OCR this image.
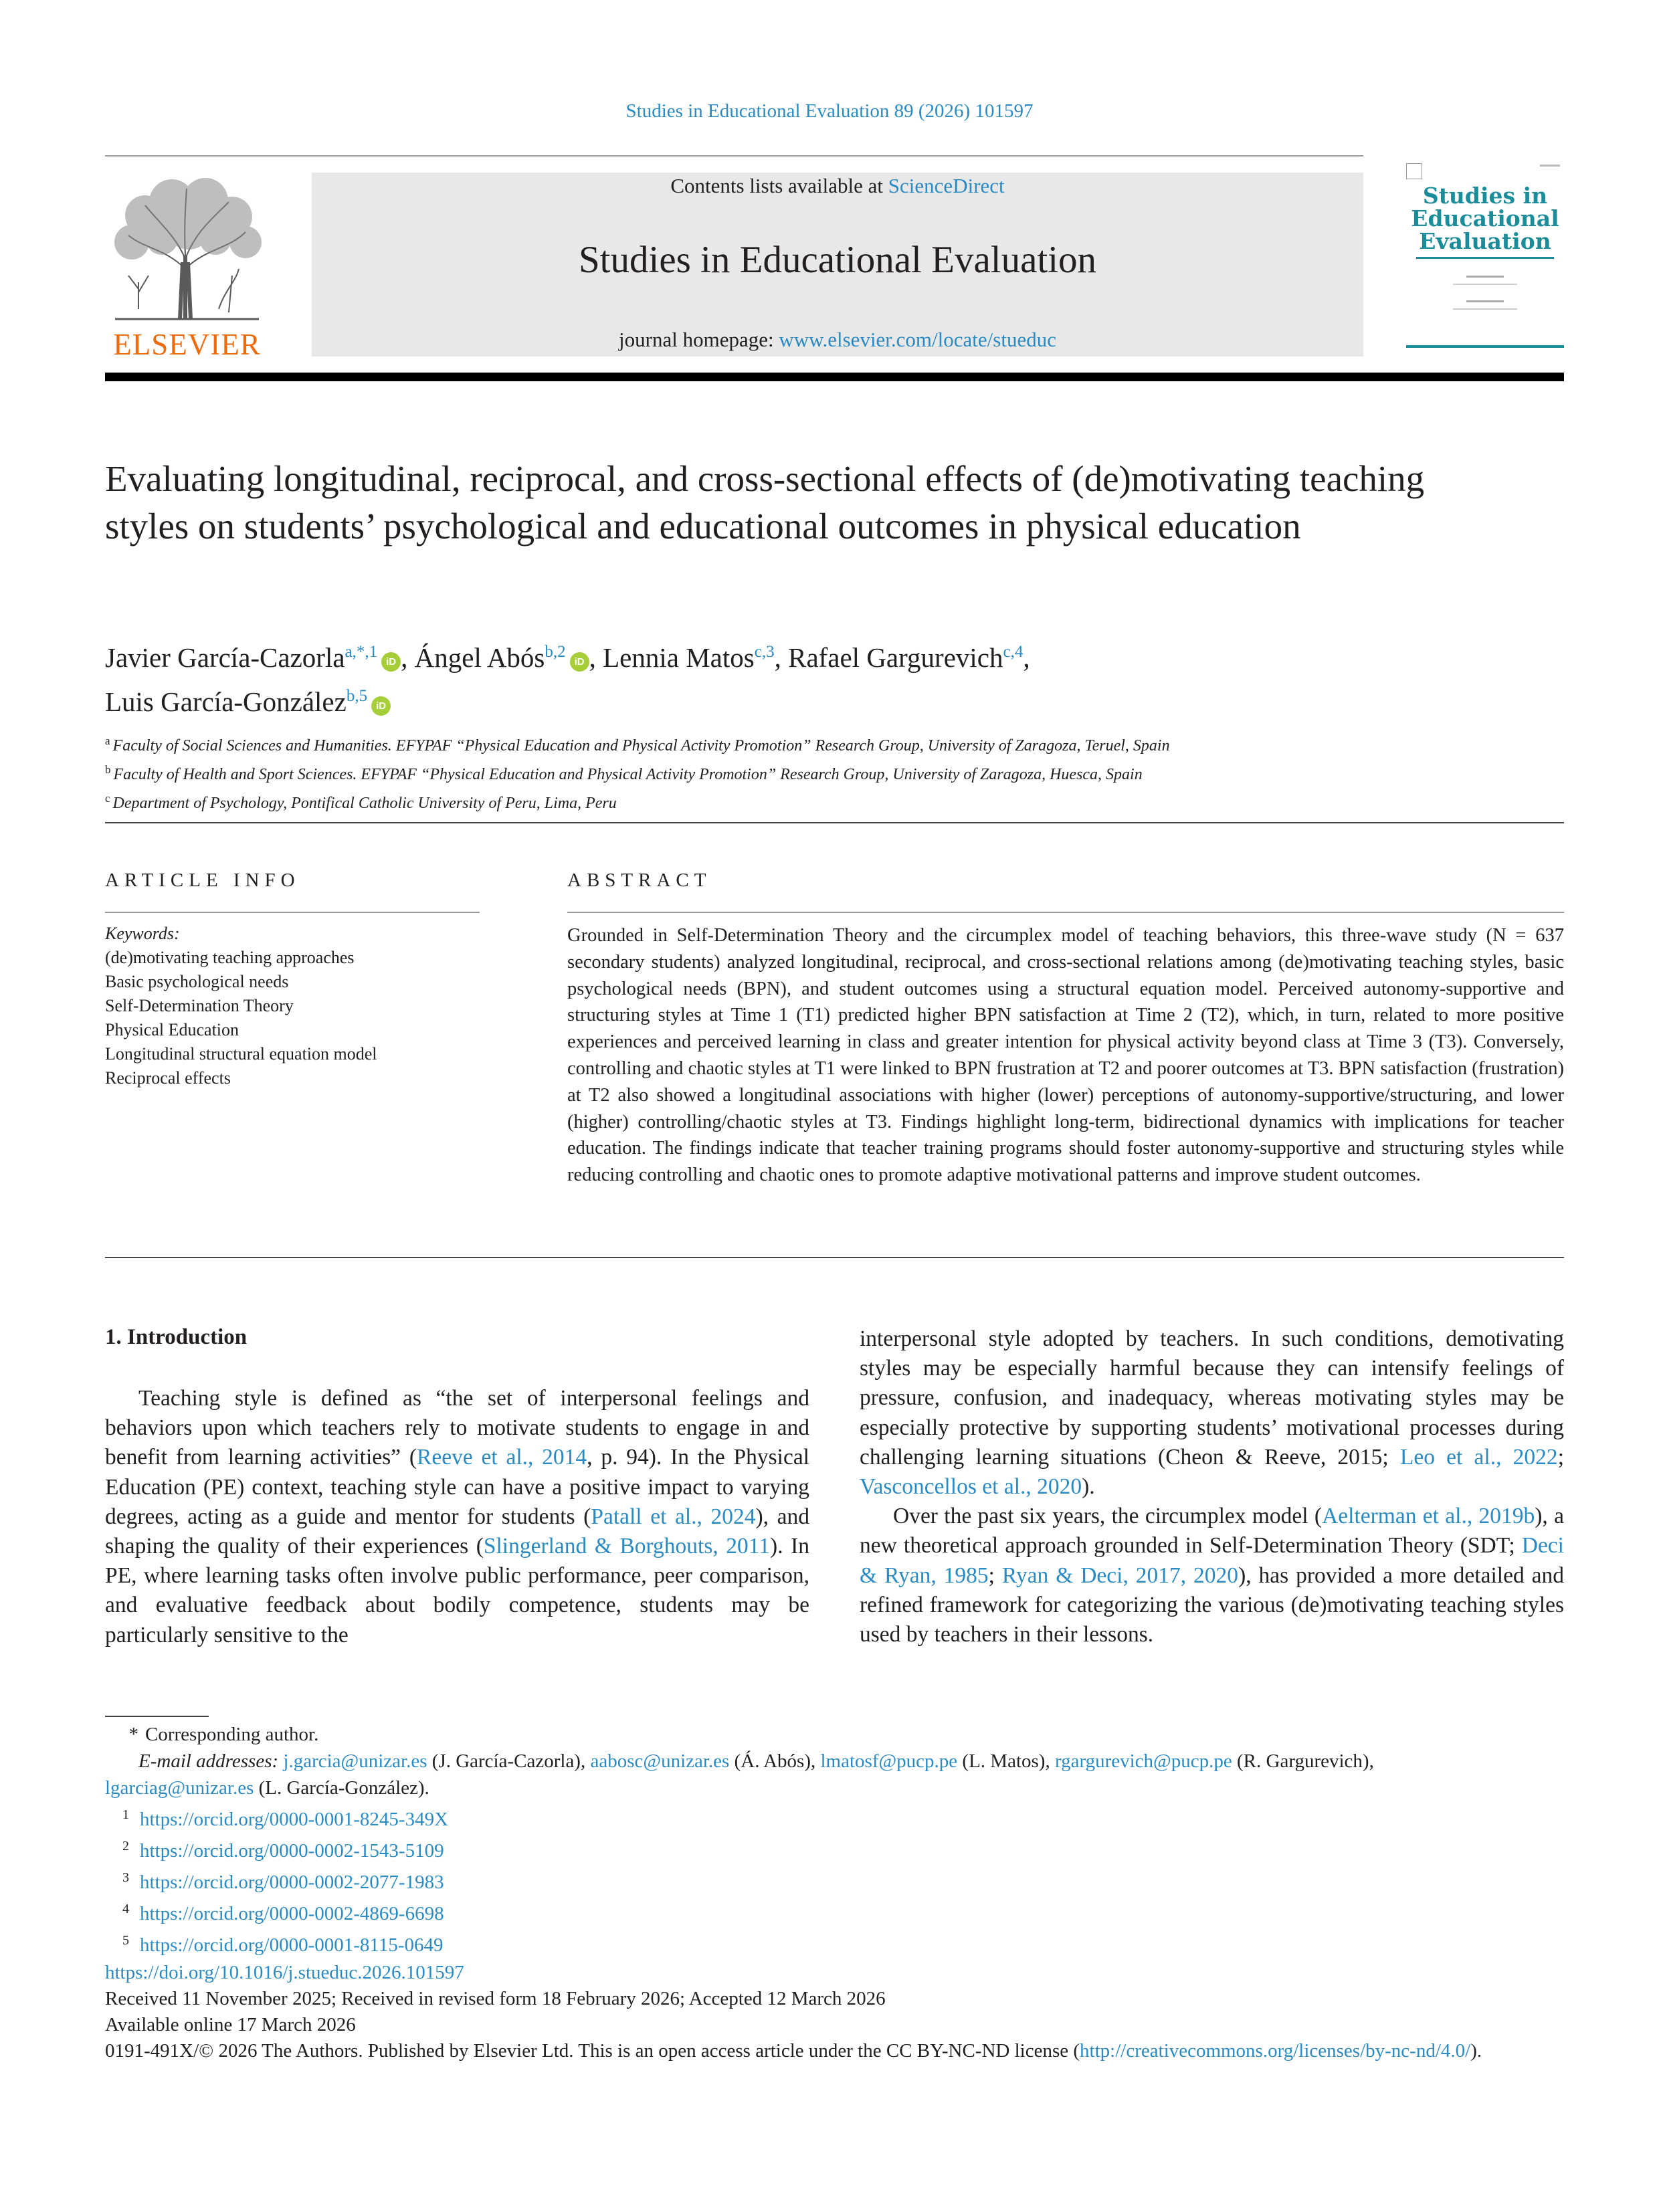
Studies in Educational Evaluation 89 (2026) 101597
ELSEVIER
Contents lists available at ScienceDirect
Studies in Educational Evaluation
journal homepage: www.elsevier.com/locate/stueduc
Studies in Educational Evaluation
Evaluating longitudinal, reciprocal, and cross-sectional effects of (de)motivating teaching styles on students’ psychological and educational outcomes in physical education
Javier García-Cazorla$^{a,*,1}$iD , Ángel Abós$^{b,2}$iD , Lennia Matos$^{c,3}$, Rafael Gargurevich$^{c,4}$,
Luis García-González$^{b,5}$iD
$^a$ Faculty of Social Sciences and Humanities. EFYPAF “Physical Education and Physical Activity Promotion” Research Group, University of Zaragoza, Teruel, Spain
$^b$ Faculty of Health and Sport Sciences. EFYPAF “Physical Education and Physical Activity Promotion” Research Group, University of Zaragoza, Huesca, Spain
$^c$ Department of Psychology, Pontifical Catholic University of Peru, Lima, Peru
ARTICLE INFO	ABSTRACT
Keywords:
(de)motivating teaching approaches
Basic psychological needs
Self-Determination Theory
Physical Education
Longitudinal structural equation model
Reciprocal effects
Grounded in Self-Determination Theory and the circumplex model of teaching behaviors, this three-wave study (N = 637 secondary students) analyzed longitudinal, reciprocal, and cross-sectional relations among (de)motivating teaching styles, basic psychological needs (BPN), and student outcomes using a structural equation model. Perceived autonomy-supportive and structuring styles at Time 1 (T1) predicted higher BPN satisfaction at Time 2 (T2), which, in turn, related to more positive experiences and perceived learning in class and greater intention for physical activity beyond class at Time 3 (T3). Conversely, controlling and chaotic styles at T1 were linked to BPN frustration at T2 and poorer outcomes at T3. BPN satisfaction (frustration) at T2 also showed a longitudinal associations with higher (lower) perceptions of autonomy-supportive/structuring, and lower (higher) controlling/chaotic styles at T3. Findings highlight long-term, bidirectional dynamics with implications for teacher education. The findings indicate that teacher training programs should foster autonomy-supportive and structuring styles while reducing controlling and chaotic ones to promote adaptive motivational patterns and improve student outcomes.
1. Introduction

Teaching style is defined as “the set of interpersonal feelings and behaviors upon which teachers rely to motivate students to engage in and benefit from learning activities” (Reeve et al., 2014, p. 94). In the Physical Education (PE) context, teaching style can have a positive impact to varying degrees, acting as a guide and mentor for students (Patall et al., 2024), and shaping the quality of their experiences (Slingerland & Borghouts, 2011). In PE, where learning tasks often involve public performance, peer comparison, and evaluative feedback about bodily competence, students may be particularly sensitive to the

interpersonal style adopted by teachers. In such conditions, demotivating styles may be especially harmful because they can intensify feelings of pressure, confusion, and inadequacy, whereas motivating styles may be especially protective by supporting students’ motivational processes during challenging learning situations (Cheon & Reeve, 2015; Leo et al., 2022; Vasconcellos et al., 2020).

Over the past six years, the circumplex model (Aelterman et al., 2019b), a new theoretical approach grounded in Self-Determination Theory (SDT; Deci & Ryan, 1985; Ryan & Deci, 2017, 2020), has provided a more detailed and refined framework for categorizing the various (de)motivating teaching styles used by teachers in their lessons.

* Corresponding author.
E-mail addresses: j.garcia@unizar.es (J. García-Cazorla), aabosc@unizar.es (Á. Abós), lmatosf@pucp.pe (L. Matos), rgargurevich@pucp.pe (R. Gargurevich),
lgarciag@unizar.es (L. García-González).
1 https://orcid.org/0000-0001-8245-349X
2 https://orcid.org/0000-0002-1543-5109
3 https://orcid.org/0000-0002-2077-1983
4 https://orcid.org/0000-0002-4869-6698
5 https://orcid.org/0000-0001-8115-0649
https://doi.org/10.1016/j.stueduc.2026.101597
Received 11 November 2025; Received in revised form 18 February 2026; Accepted 12 March 2026
Available online 17 March 2026
0191-491X/© 2026 The Authors. Published by Elsevier Ltd. This is an open access article under the CC BY-NC-ND license (http://creativecommons.org/licenses/by-nc-nd/4.0/).
